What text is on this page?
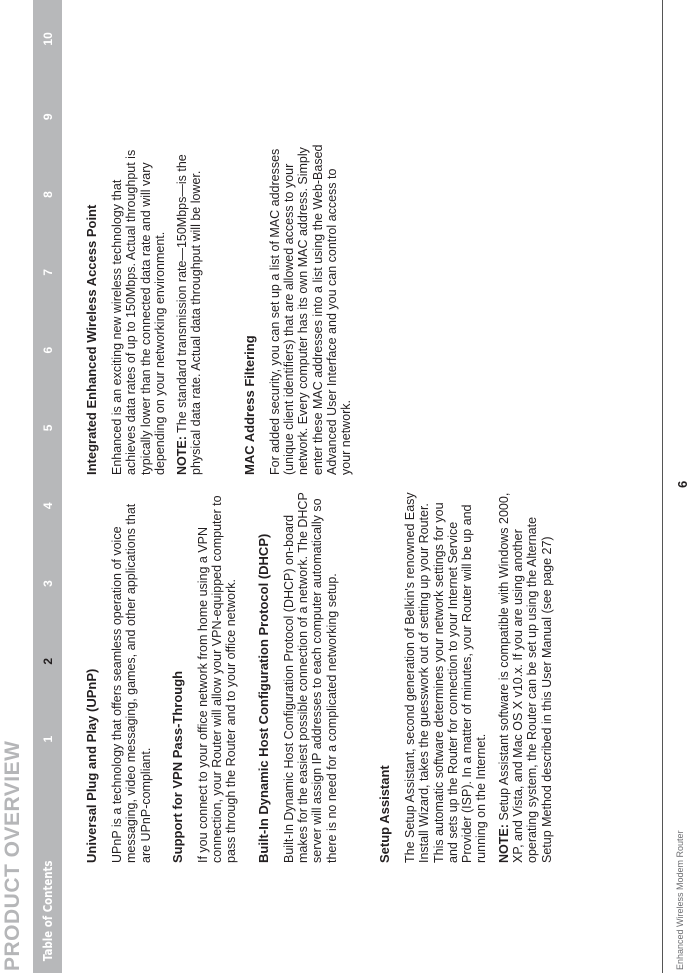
PRODUCT OVERVIEW Table of Contents
1
2
3
4
5
6
7
8
9
10
Universal Plug and Play (UPnP) UPnP is a technology that offers seamless operation of voice messaging, video messaging, games, and other applications that are UPnP-compliant. Support for VPN Pass-Through If you connect to your office network from home using a VPN connection, your Router will allow your VPN-equipped computer to pass through the Router and to your office network. Built-In Dynamic Host Configuration Protocol (DHCP) Built-In Dynamic Host Configuration Protocol (DHCP) on-board makes for the easiest possible connection of a network. The DHCP server will assign IP addresses to each computer automatically so there is no need for a complicated networking setup.	Setup Assistant The Setup Assistant, second generation of Belkin's renowned Easy Install Wizard, takes the guesswork out of setting up your Router. This automatic software determines your network settings for you and sets up the Router for connection to your Internet Service Provider (ISP). In a matter of minutes, your Router will be up and running on the Internet. NOTE: Setup Assistant software is compatible with Windows 2000, XP, and Vista, and Mac OS X v10.x. If you are using another operating system, the Router can be set up using the Alternate Setup Method described in this User Manual (see page 27)

Integrated Enhanced Wireless Access Point Enhanced is an exciting new wireless technology that achieves data rates of up to 150Mbps. Actual throughput is typically lower than the connected data rate and will vary depending on your networking environment. NOTE: The standard transmission rate—150Mbps—is the physical data rate. Actual data throughput will be lower.	MAC Address Filtering For added security, you can set up a list of MAC addresses (unique client identifiers) that are allowed access to your network. Every computer has its own MAC address. Simply enter these MAC addresses into a list using the Web-Based Advanced User Interface and you can control access to your network.

6

Enhanced Wireless Modem Router
